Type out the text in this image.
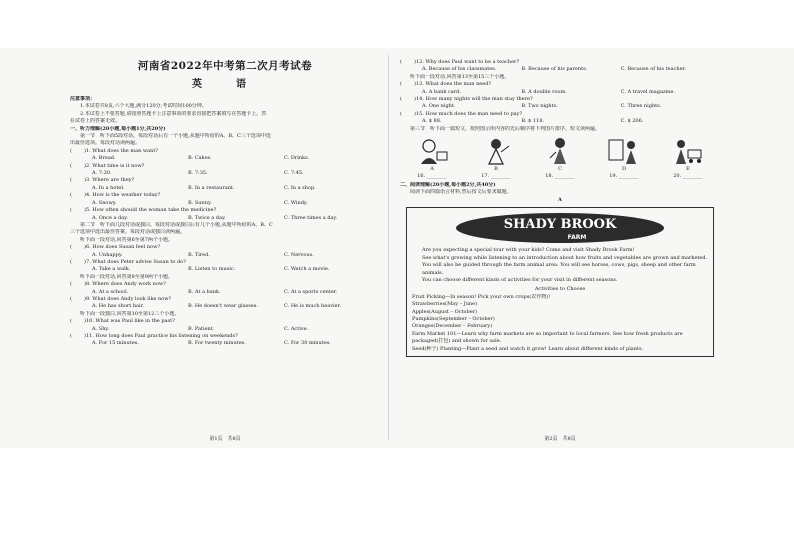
河南省2022年中考第二次月考试卷
英　语
注意事项：
1.本试卷共8页,六个大题,满分120分,考试时间100分钟。
2.本试卷上不要答题,请按照答题卡上注意事项的要求直接把答案填写在答题卡上。答
在试卷上的答案无效。
一、听力理解(20小题,每小题1分,共20分)
第一节　听下面5段对话。每段对话后有一个小题,从题中所给的A、B、C三个选项中选
出最佳选项。每段对话读两遍。
(	)1. What does the man want?
A. Bread.	B. Cakes.	C. Drinks.
(	)2. What time is it now?
A. 7:30.	B. 7:35.	C. 7:45.
(	)3. Where are they?
A. In a hotel.	B. In a restaurant.	C. In a shop.
(	)4. How is the weather today?
A. Snowy.	B. Sunny.	C. Windy.
(	)5. How often should the woman take the medicine?
A. Once a day.	B. Twice a day.	C. Three times a day.
第二节　听下面几段对话或独白。每段对话或独白后有几个小题,从题中所给的A、B、C
三个选项中选出最佳答案。每段对话或独白读两遍。
听下面一段对话,回答第6至第7两个小题。
(	)6. How does Susan feel now?
A. Unhappy.	B. Tired.	C. Nervous.
(	)7. What does Peter advise Susan to do?
A. Take a walk.	B. Listen to music.	C. Watch a movie.
听下面一段对话,回答第8至第9两个小题。
(	)8. Where does Andy work now?
A. At a school.	B. At a bank.	C. At a sports center.
(	)9. What does Andy look like now?
A. He has short hair.	B. He doesn't wear glasses.	C. He is much heavier.
听下面一段独白,回答第10至第12三个小题。
(	)10. What was Paul like in the past?
A. Shy.	B. Patient.	C. Active.
(	)11. How long does Paul practice his listening on weekends?
A. For 15 minutes.	B. For twenty minutes.	C. For 30 minutes.
第1页　共8页
(	)12. Why does Paul want to be a teacher?
A. Because of his classmates.	B. Because of his parents.	C. Because of his teacher.
听下面一段对话,回答第13至第15三个小题。
(	)13. What does the man need?
A. A bank card.	B. A double room.	C. A travel magazine.
(	)14. How many nights will the man stay there?
A. One night.	B. Two nights.	C. Three nights.
(	)15. How much does the man need to pay?
A. $ 88.	B. $ 118.	C. $ 206.
第三节　听下面一篇短文。按照图示所内容的先后顺序将下列图片排序。短文读两遍。
A	B	C	D	E
16. ________	17. ________	18. ________	19. ________	20. ________
二、阅读理解(20小题,每小题2分,共40分)
阅读下面四篇语言材料,然后按文后要求做题。
A
SHADY BROOK
FARM
Are you expecting a special tour with your kids? Come and visit Shady Brook Farm!
See what's growing while listening to an introduction about how fruits and vegetables are grown and marketed. You will also be guided through the farm animal area. You will see horses, cows, pigs, sheep and other farm animals.
You can choose different kinds of activities for your visit in different seasons.
Activities to Choose
Fruit Picking—In season! Pick your own crops(农作物)!
Strawberries(May – June)
Apples(August – October)
Pumpkins(September – October)
Oranges(December – February)
Farm Market 101—Learn why farm markets are so important to local farmers. See how fresh products are packaged(打包) and shown for sale.
Seed(种子) Planting—Plant a seed and watch it grow! Learn about different kinds of plants.
第2页　共8页
